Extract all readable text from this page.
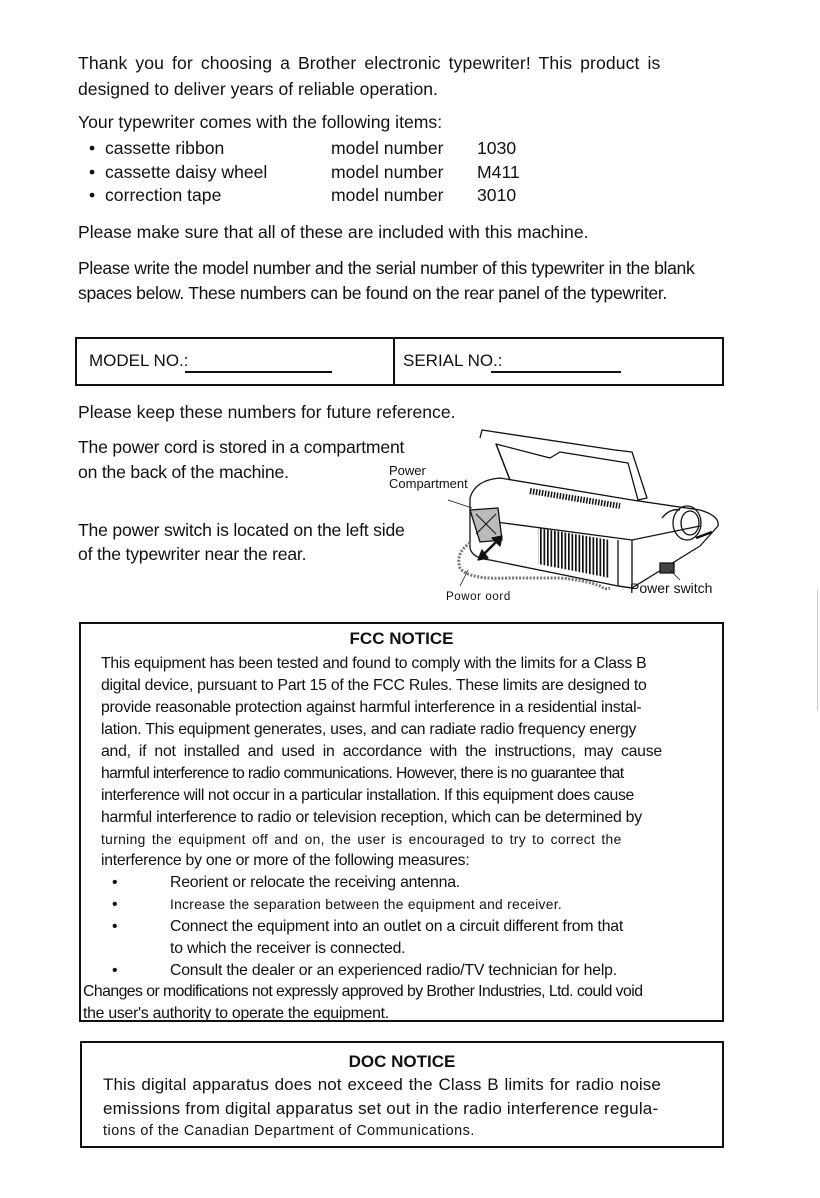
Thank you for choosing a Brother electronic typewriter! This product is
designed to deliver years of reliable operation.
Your typewriter comes with the following items:
• cassette ribbon	model number 1030
• cassette daisy wheel	model number M411
• correction tape	model number 3010
Please make sure that all of these are included with this machine.
Please write the model number and the serial number of this typewriter in the blank spaces below. These numbers can be found on the rear panel of the typewriter.
MODEL NO.:	SERIAL NO.:
Please keep these numbers for future reference.
The power cord is stored in a compartment
on the back of the machine.
The power switch is located on the left side
of the typewriter near the rear.
Power
Compartment
Powor oord
Power switch
FCC NOTICE
This equipment has been tested and found to comply with the limits for a Class B
digital device, pursuant to Part 15 of the FCC Rules. These limits are designed to
provide reasonable protection against harmful interference in a residential instal-
lation. This equipment generates, uses, and can radiate radio frequency energy
and, if not installed and used in accordance with the instructions, may cause
harmful interference to radio communications. However, there is no guarantee that
interference will not occur in a particular installation. If this equipment does cause
harmful interference to radio or television reception, which can be determined by
turning the equipment off and on, the user is encouraged to try to correct the
interference by one or more of the following measures:
•	Reorient or relocate the receiving antenna.
•	Increase the separation between the equipment and receiver.
•	Connect the equipment into an outlet on a circuit different from that
to which the receiver is connected.
•	Consult the dealer or an experienced radio/TV technician for help.
Changes or modifications not expressly approved by Brother Industries, Ltd. could void
the user's authority to operate the equipment.
DOC NOTICE
This digital apparatus does not exceed the Class B limits for radio noise
emissions from digital apparatus set out in the radio interference regula-
tions of the Canadian Department of Communications.
